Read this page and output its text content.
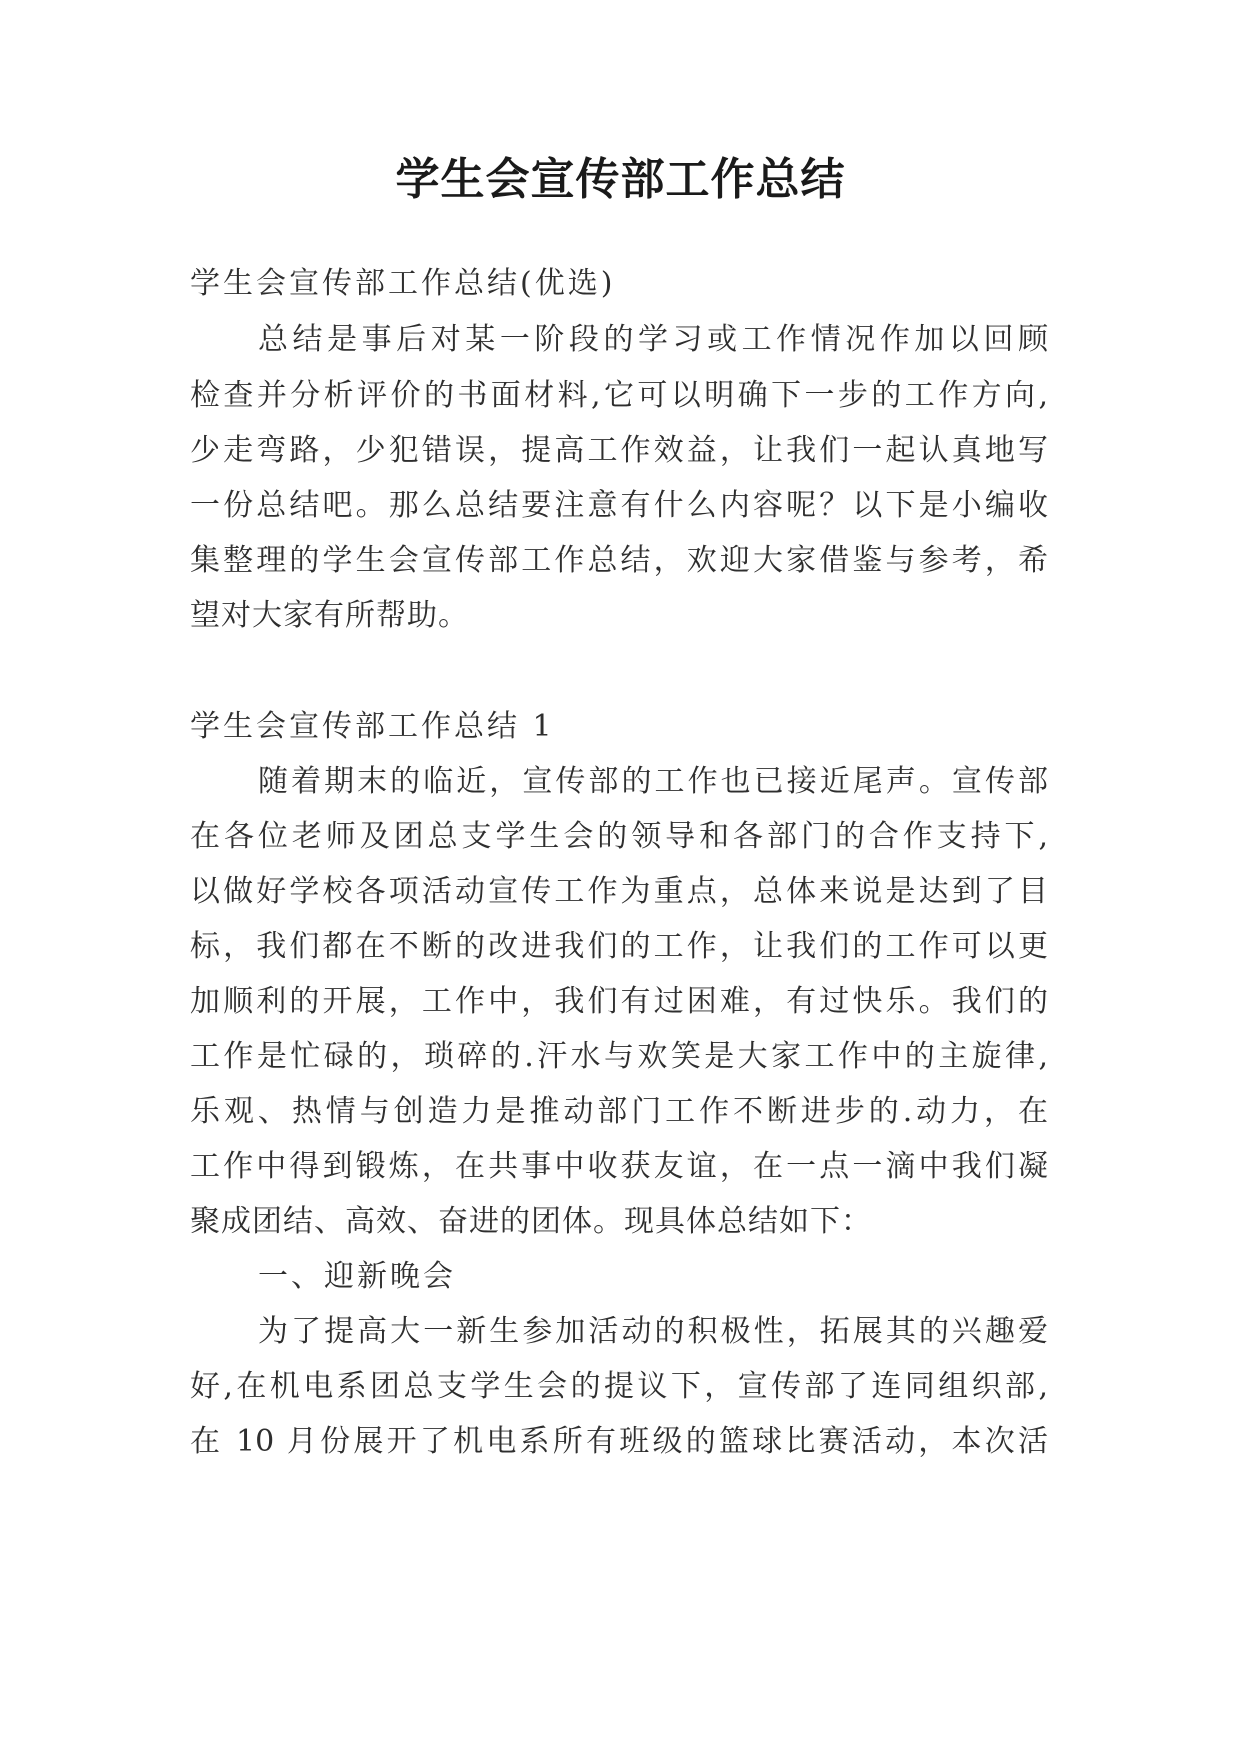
学生会宣传部工作总结
学生会宣传部工作总结(优选)
总结是事后对某一阶段的学习或工作情况作加以回顾
检查并分析评价的书面材料,它可以明确下一步的工作方向,
少走弯路，少犯错误，提高工作效益，让我们一起认真地写
一份总结吧。那么总结要注意有什么内容呢？以下是小编收
集整理的学生会宣传部工作总结，欢迎大家借鉴与参考，希
望对大家有所帮助。
学生会宣传部工作总结 1
随着期末的临近，宣传部的工作也已接近尾声。宣传部
在各位老师及团总支学生会的领导和各部门的合作支持下,
以做好学校各项活动宣传工作为重点，总体来说是达到了目
标，我们都在不断的改进我们的工作，让我们的工作可以更
加顺利的开展，工作中，我们有过困难，有过快乐。我们的
工作是忙碌的，琐碎的.汗水与欢笑是大家工作中的主旋律,
乐观、热情与创造力是推动部门工作不断进步的.动力，在
工作中得到锻炼，在共事中收获友谊，在一点一滴中我们凝
聚成团结、高效、奋进的团体。现具体总结如下：
一、迎新晚会
为了提高大一新生参加活动的积极性，拓展其的兴趣爱
好,在机电系团总支学生会的提议下，宣传部了连同组织部,
在 10 月份展开了机电系所有班级的篮球比赛活动，本次活
